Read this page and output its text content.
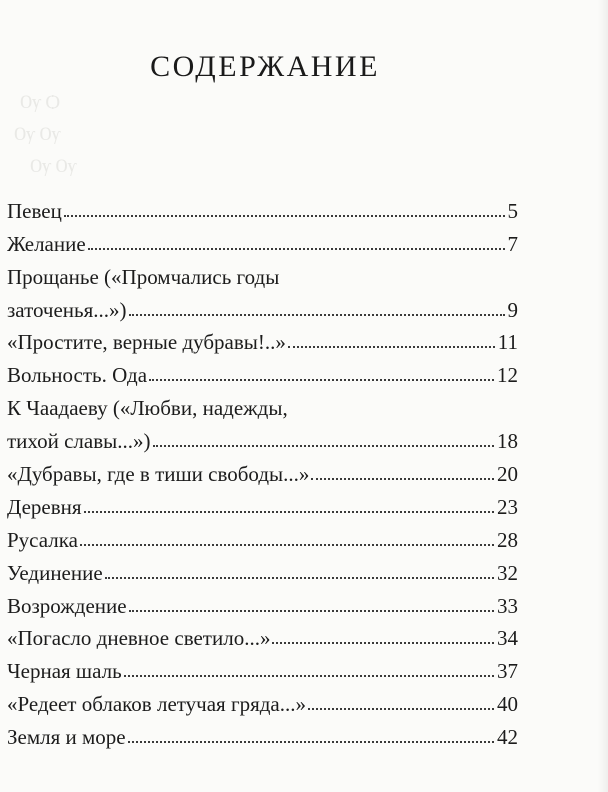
Ѹ Ѻ
Ѹ Ѹ
Ѹ Ѹ
СОДЕРЖАНИЕ
Певец	5
Желание	7
Прощанье («Промчались годы
заточенья...»)	9
«Простите, верные дубравы!..»	11
Вольность. Ода	12
К Чаадаеву («Любви, надежды,
тихой славы...»)	18
«Дубравы, где в тиши свободы...»	20
Деревня	23
Русалка	28
Уединение	32
Возрождение	33
«Погасло дневное светило...»	34
Черная шаль	37
«Редеет облаков летучая гряда...»	40
Земля и море	42
